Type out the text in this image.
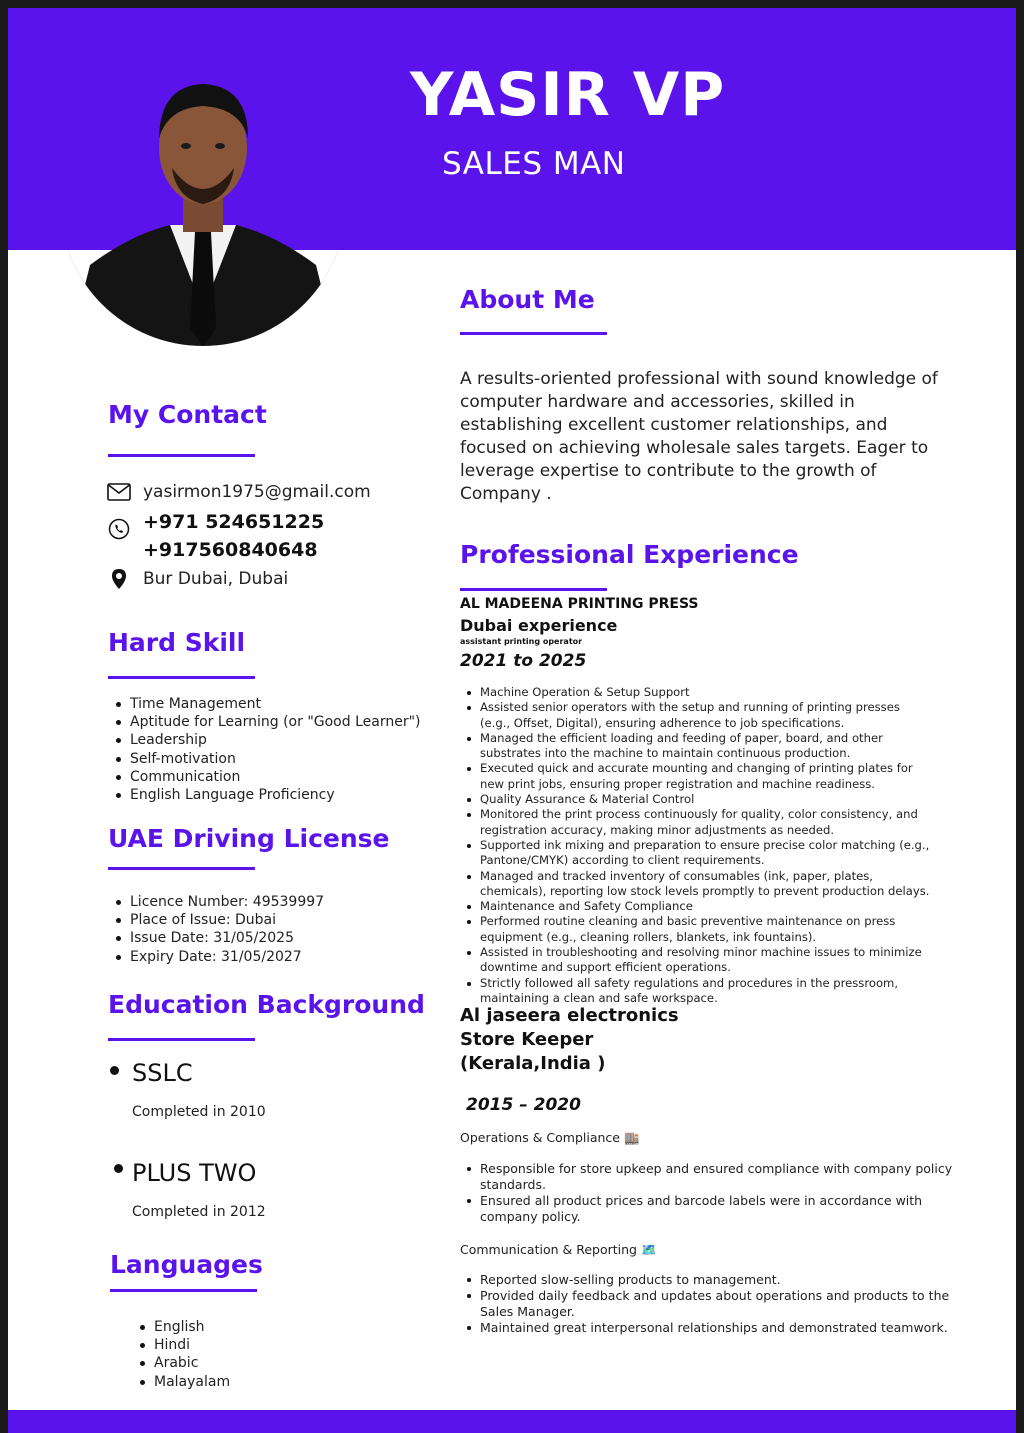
YASIR VP
SALES MAN
My Contact
yasirmon1975@gmail.com
+971 524651225
+917560840648
Bur Dubai, Dubai
Hard Skill
Time Management
Aptitude for Learning (or "Good Learner")
Leadership
Self-motivation
Communication
English Language Proficiency
UAE Driving License
Licence Number: 49539997
Place of Issue: Dubai
Issue Date: 31/05/2025
Expiry Date: 31/05/2027
Education Background
SSLC
Completed in 2010
PLUS TWO
Completed in 2012
Languages
English
Hindi
Arabic
Malayalam
About Me
A results-oriented professional with sound knowledge of computer hardware and accessories, skilled in establishing excellent customer relationships, and focused on achieving wholesale sales targets. Eager to leverage expertise to contribute to the growth of Company .
Professional Experience
AL MADEENA PRINTING PRESS
Dubai experience
assistant printing operator
2021 to 2025
Machine Operation & Setup Support
Assisted senior operators with the setup and running of printing presses (e.g., Offset, Digital), ensuring adherence to job specifications.
Managed the efficient loading and feeding of paper, board, and other substrates into the machine to maintain continuous production.
Executed quick and accurate mounting and changing of printing plates for new print jobs, ensuring proper registration and machine readiness.
Quality Assurance & Material Control
Monitored the print process continuously for quality, color consistency, and registration accuracy, making minor adjustments as needed.
Supported ink mixing and preparation to ensure precise color matching (e.g., Pantone/CMYK) according to client requirements.
Managed and tracked inventory of consumables (ink, paper, plates, chemicals), reporting low stock levels promptly to prevent production delays.
Maintenance and Safety Compliance
Performed routine cleaning and basic preventive maintenance on press equipment (e.g., cleaning rollers, blankets, ink fountains).
Assisted in troubleshooting and resolving minor machine issues to minimize downtime and support efficient operations.
Strictly followed all safety regulations and procedures in the pressroom, maintaining a clean and safe workspace.
Al jaseera electronics
Store Keeper
(Kerala,India )
2015 – 2020
Operations & Compliance 🏬
Responsible for store upkeep and ensured compliance with company policy standards.
Ensured all product prices and barcode labels were in accordance with company policy.
Communication & Reporting 🗺️
Reported slow-selling products to management.
Provided daily feedback and updates about operations and products to the Sales Manager.
Maintained great interpersonal relationships and demonstrated teamwork.
